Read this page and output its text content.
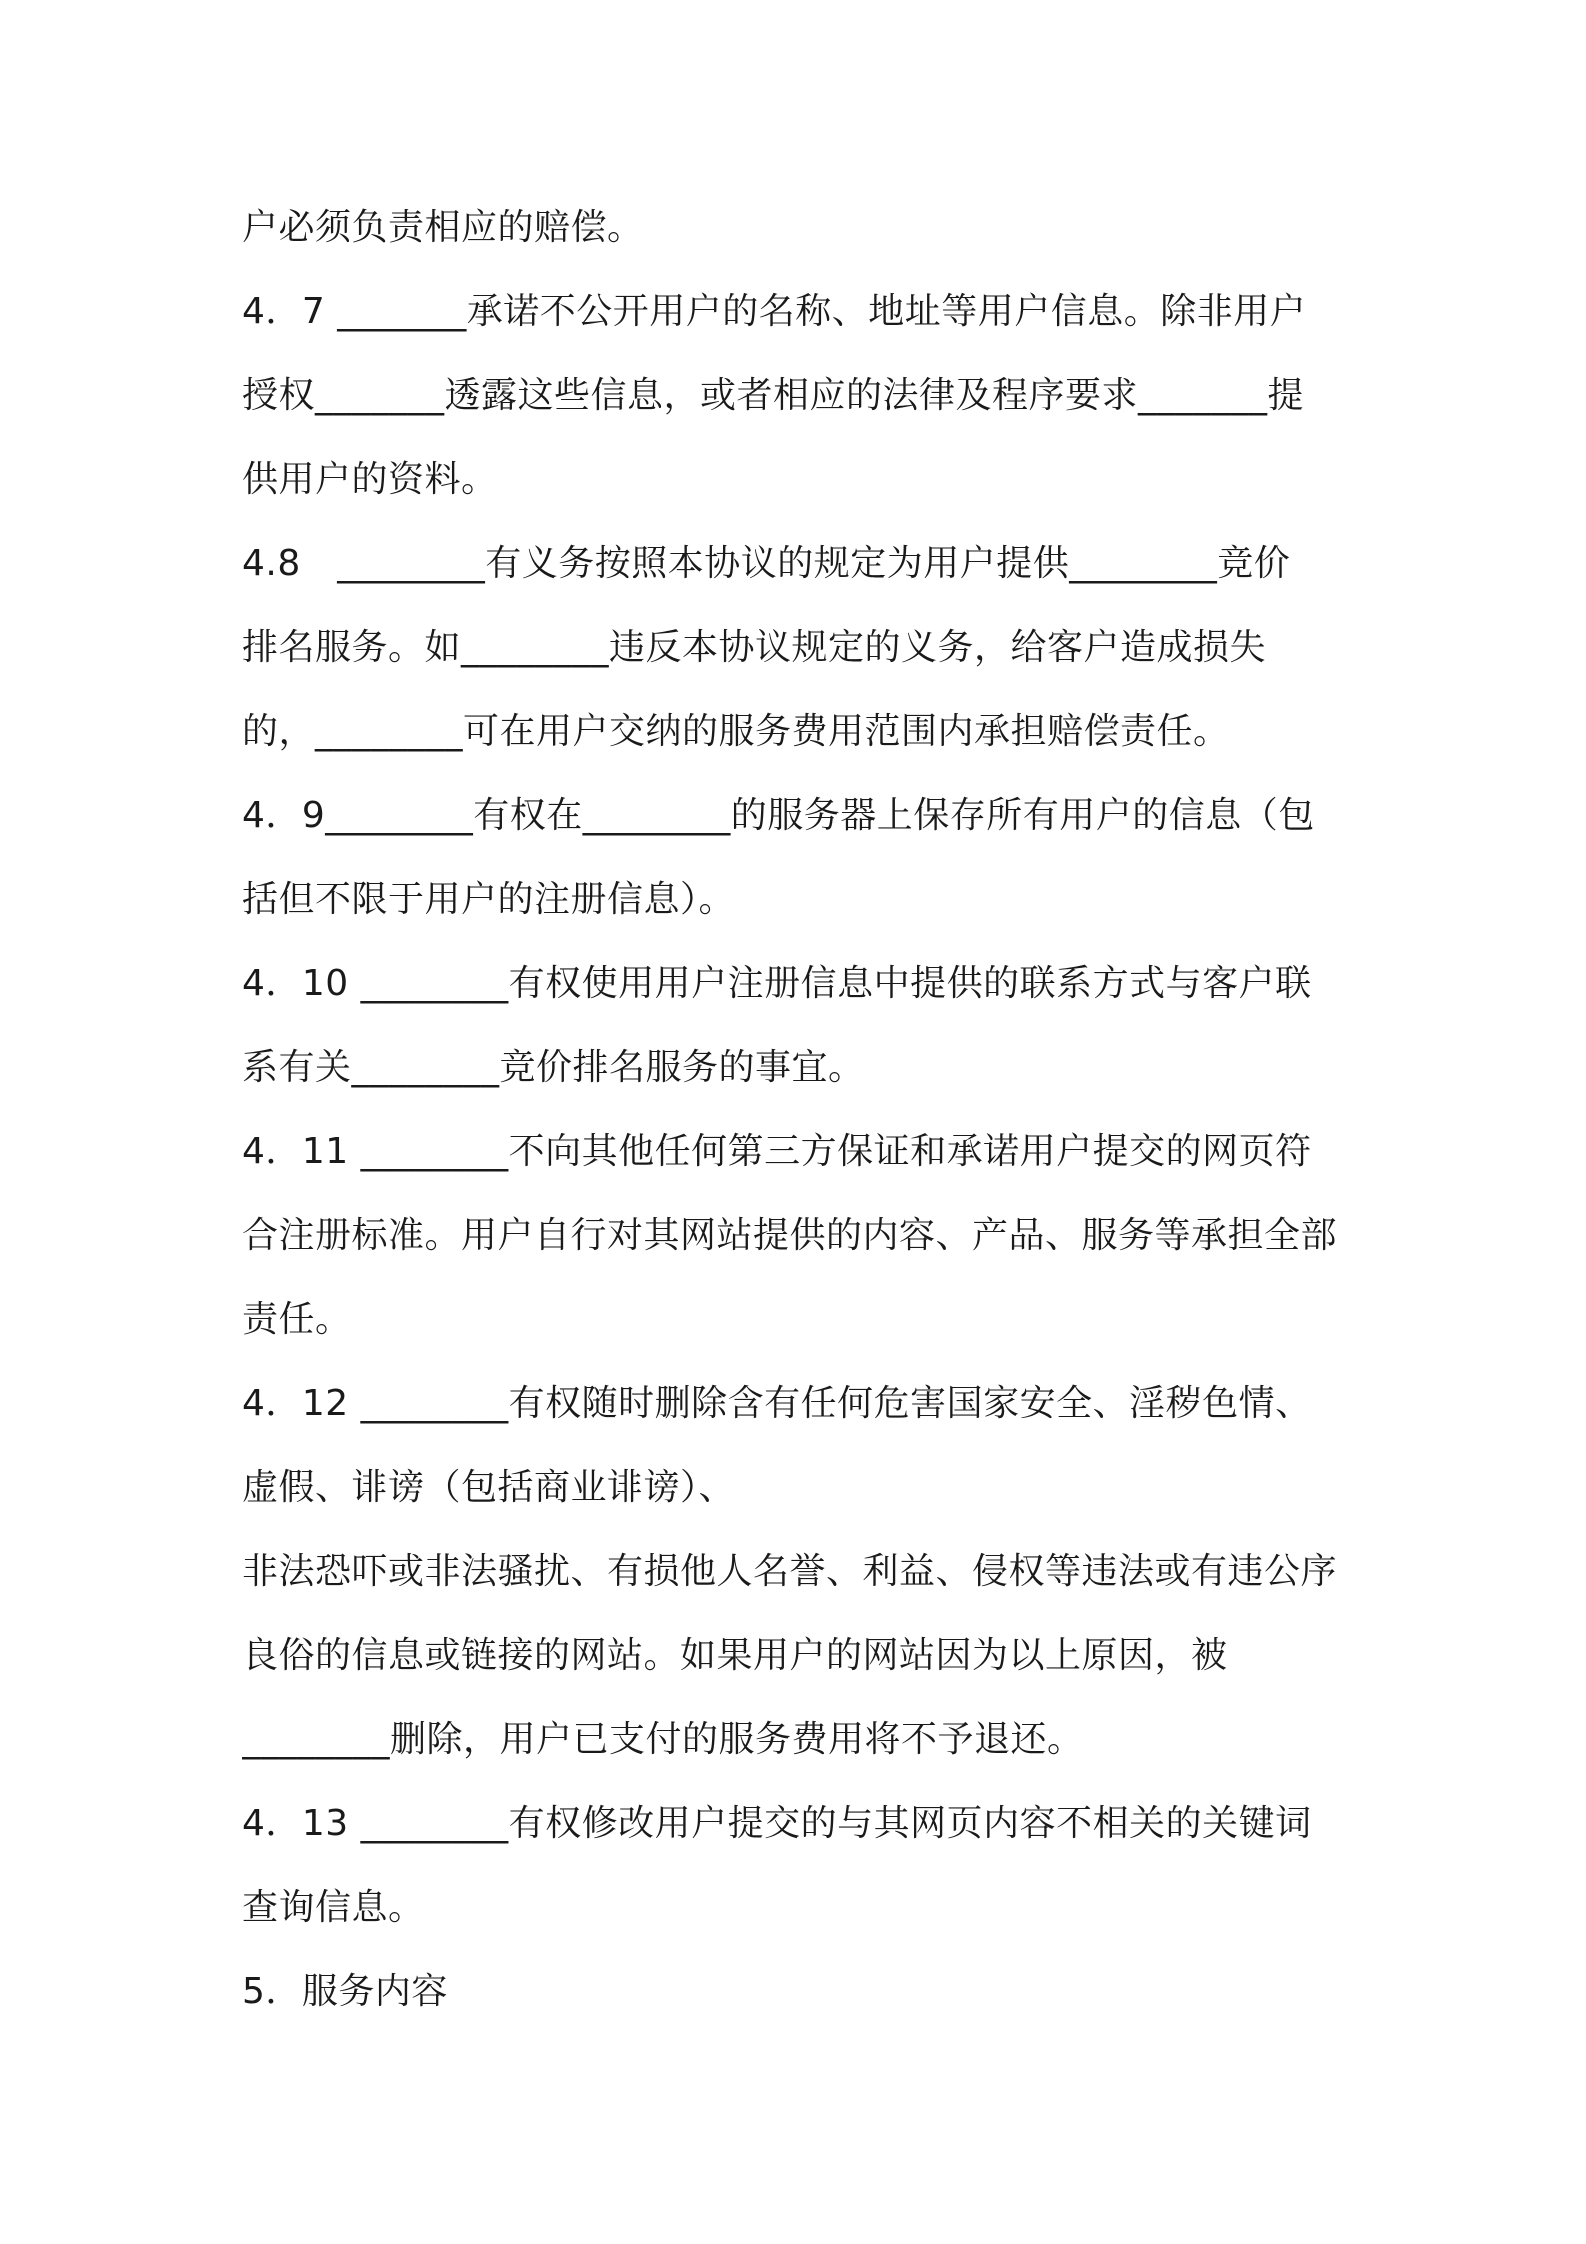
户必须负责相应的赔偿。
4．7 _______承诺不公开用户的名称、地址等用户信息。除非用户
授权_______透露这些信息，或者相应的法律及程序要求_______提
供用户的资料。
4.8　________有义务按照本协议的规定为用户提供________竞价
排名服务。如________违反本协议规定的义务，给客户造成损失
的，________可在用户交纳的服务费用范围内承担赔偿责任。
4．9________有权在________的服务器上保存所有用户的信息（包
括但不限于用户的注册信息）。
4．10 ________有权使用用户注册信息中提供的联系方式与客户联
系有关________竞价排名服务的事宜。
4．11 ________不向其他任何第三方保证和承诺用户提交的网页符
合注册标准。用户自行对其网站提供的内容、产品、服务等承担全部
责任。
4．12 ________有权随时删除含有任何危害国家安全、淫秽色情、
虚假、诽谤（包括商业诽谤）、
非法恐吓或非法骚扰、有损他人名誉、利益、侵权等违法或有违公序
良俗的信息或链接的网站。如果用户的网站因为以上原因，被
________删除，用户已支付的服务费用将不予退还。
4．13 ________有权修改用户提交的与其网页内容不相关的关键词
查询信息。
5．服务内容
